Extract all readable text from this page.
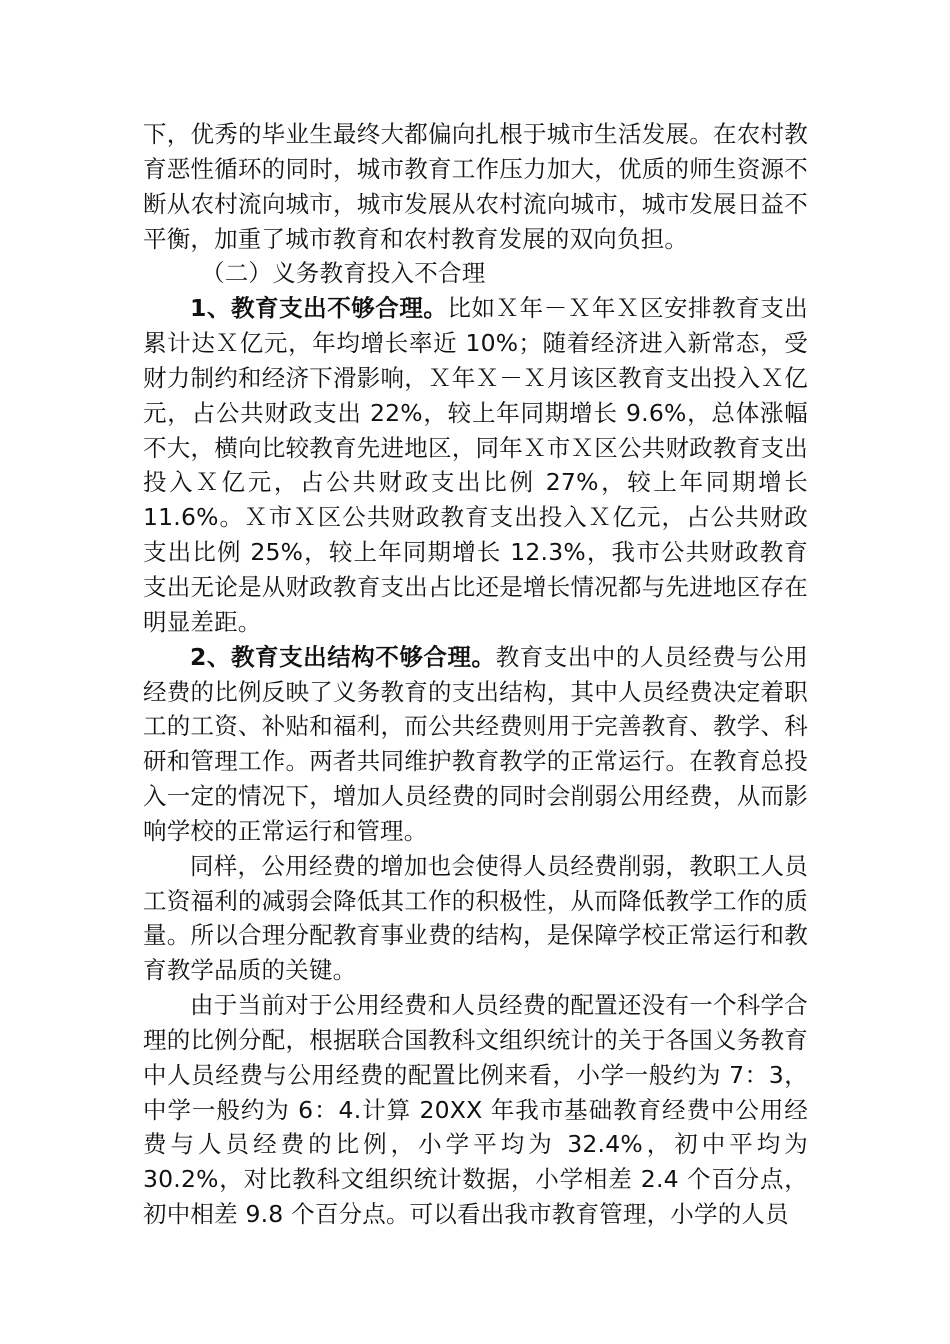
下，优秀的毕业生最终大都偏向扎根于城市生活发展。在农村教育恶性循环的同时，城市教育工作压力加大，优质的师生资源不断从农村流向城市，城市发展从农村流向城市，城市发展日益不平衡，加重了城市教育和农村教育发展的双向负担。

（二）义务教育投入不合理

1、教育支出不够合理。比如Ｘ年－Ｘ年Ｘ区安排教育支出累计达Ｘ亿元，年均增长率近 10%；随着经济进入新常态，受财力制约和经济下滑影响，Ｘ年Ｘ－Ｘ月该区教育支出投入Ｘ亿元，占公共财政支出 22%，较上年同期增长 9.6%，总体涨幅不大，横向比较教育先进地区，同年Ｘ市Ｘ区公共财政教育支出投入Ｘ亿元，占公共财政支出比例 27%，较上年同期增长 11.6%。Ｘ市Ｘ区公共财政教育支出投入Ｘ亿元，占公共财政支出比例 25%，较上年同期增长 12.3%，我市公共财政教育支出无论是从财政教育支出占比还是增长情况都与先进地区存在明显差距。

2、教育支出结构不够合理。教育支出中的人员经费与公用经费的比例反映了义务教育的支出结构，其中人员经费决定着职工的工资、补贴和福利，而公共经费则用于完善教育、教学、科研和管理工作。两者共同维护教育教学的正常运行。在教育总投入一定的情况下，增加人员经费的同时会削弱公用经费，从而影响学校的正常运行和管理。

同样，公用经费的增加也会使得人员经费削弱，教职工人员工资福利的减弱会降低其工作的积极性，从而降低教学工作的质量。所以合理分配教育事业费的结构，是保障学校正常运行和教育教学品质的关键。

由于当前对于公用经费和人员经费的配置还没有一个科学合理的比例分配，根据联合国教科文组织统计的关于各国义务教育中人员经费与公用经费的配置比例来看，小学一般约为 7：3，中学一般约为 6：4.计算 20XX 年我市基础教育经费中公用经费与人员经费的比例，小学平均为 32.4%，初中平均为 30.2%，对比教科文组织统计数据，小学相差 2.4 个百分点，初中相差 9.8 个百分点。可以看出我市教育管理，小学的人员
